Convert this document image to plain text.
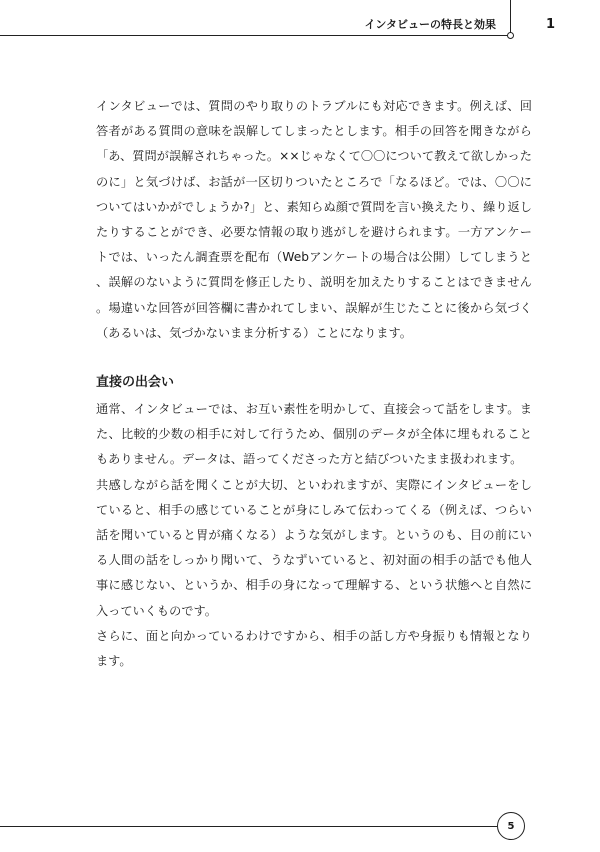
インタビューの特長と効果	1

インタビューでは、質問のやり取りのトラブルにも対応できます。例えば、回答者がある質問の意味を誤解してしまったとします。相手の回答を聞きながら「あ、質問が誤解されちゃった。××じゃなくて〇〇について教えて欲しかったのに」と気づけば、お話が一区切りついたところで「なるほど。では、〇〇についてはいかがでしょうか?」と、素知らぬ顔で質問を言い換えたり、繰り返したりすることができ、必要な情報の取り逃がしを避けられます。一方アンケートでは、いったん調査票を配布（Webアンケートの場合は公開）してしまうと、誤解のないように質問を修正したり、説明を加えたりすることはできません。場違いな回答が回答欄に書かれてしまい、誤解が生じたことに後から気づく（あるいは、気づかないまま分析する）ことになります。

直接の出会い

通常、インタビューでは、お互い素性を明かして、直接会って話をします。また、比較的少数の相手に対して行うため、個別のデータが全体に埋もれることもありません。データは、語ってくださった方と結びついたまま扱われます。

共感しながら話を聞くことが大切、といわれますが、実際にインタビューをしていると、相手の感じていることが身にしみて伝わってくる（例えば、つらい話を聞いていると胃が痛くなる）ような気がします。というのも、目の前にいる人間の話をしっかり聞いて、うなずいていると、初対面の相手の話でも他人事に感じない、というか、相手の身になって理解する、という状態へと自然に入っていくものです。

さらに、面と向かっているわけですから、相手の話し方や身振りも情報となります。

5
